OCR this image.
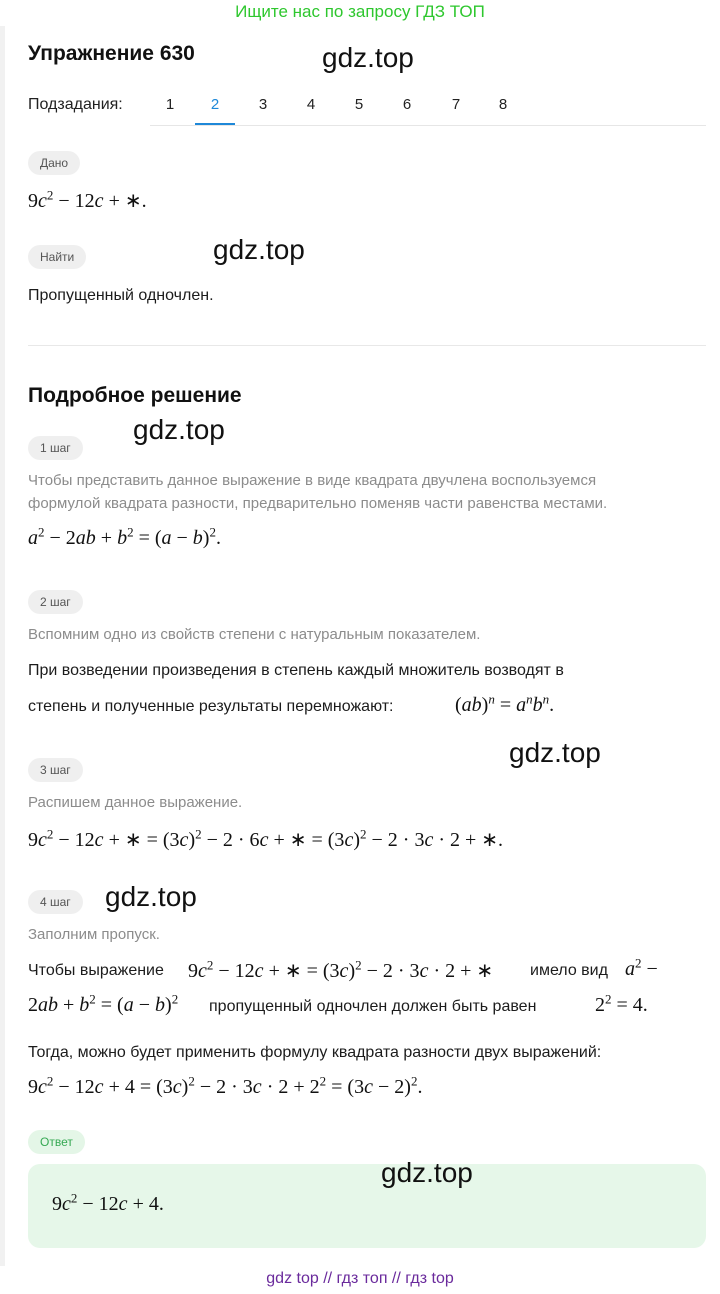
Ищите нас по запросу ГДЗ ТОП
Упражнение 630	gdz.top
Подзадания:	1	2	3	4	5	6	7	8
Дано
$9c^2 - 12c$ + ∗.
Найти	gdz.top
Пропущенный одночлен.
Подробное решение
gdz.top
1 шаг
Чтобы представить данное выражение в виде квадрата двучлена воспользуемся
формулой квадрата разности, предварительно поменяв части равенства местами.
$a^2 - 2ab + b^2 = (a - b)^2$.
2 шаг
Вспомним одно из свойств степени с натуральным показателем.
При возведении произведения в степень каждый множитель возводят в
степень и полученные результаты перемножают:	$(ab)^n = a^nb^n$.
gdz.top
3 шаг
Распишем данное выражение.
$9c^2 - 12c$ + ∗ = $(3c)^2 - 2 \cdot 6c$ + ∗ = $(3c)^2 - 2 \cdot 3c \cdot 2$ + ∗.
4 шаг	gdz.top
Заполним пропуск.
Чтобы выражение $9c^2 - 12c$ + ∗ = $(3c)^2 - 2 \cdot 3c \cdot 2$ + ∗ имело вид $a^2$ −
$2ab + b^2 = (a - b)^2$ пропущенный одночлен должен быть равен	$2^2 = 4$.
Тогда, можно будет применить формулу квадрата разности двух выражений:
$9c^2 - 12c + 4 = (3c)^2 - 2 \cdot 3c \cdot 2 + 2^2 = (3c - 2)^2$.
Ответ
$9c^2 - 12c + 4$.
gdz.top
gdz top // гдз топ // гдз top
